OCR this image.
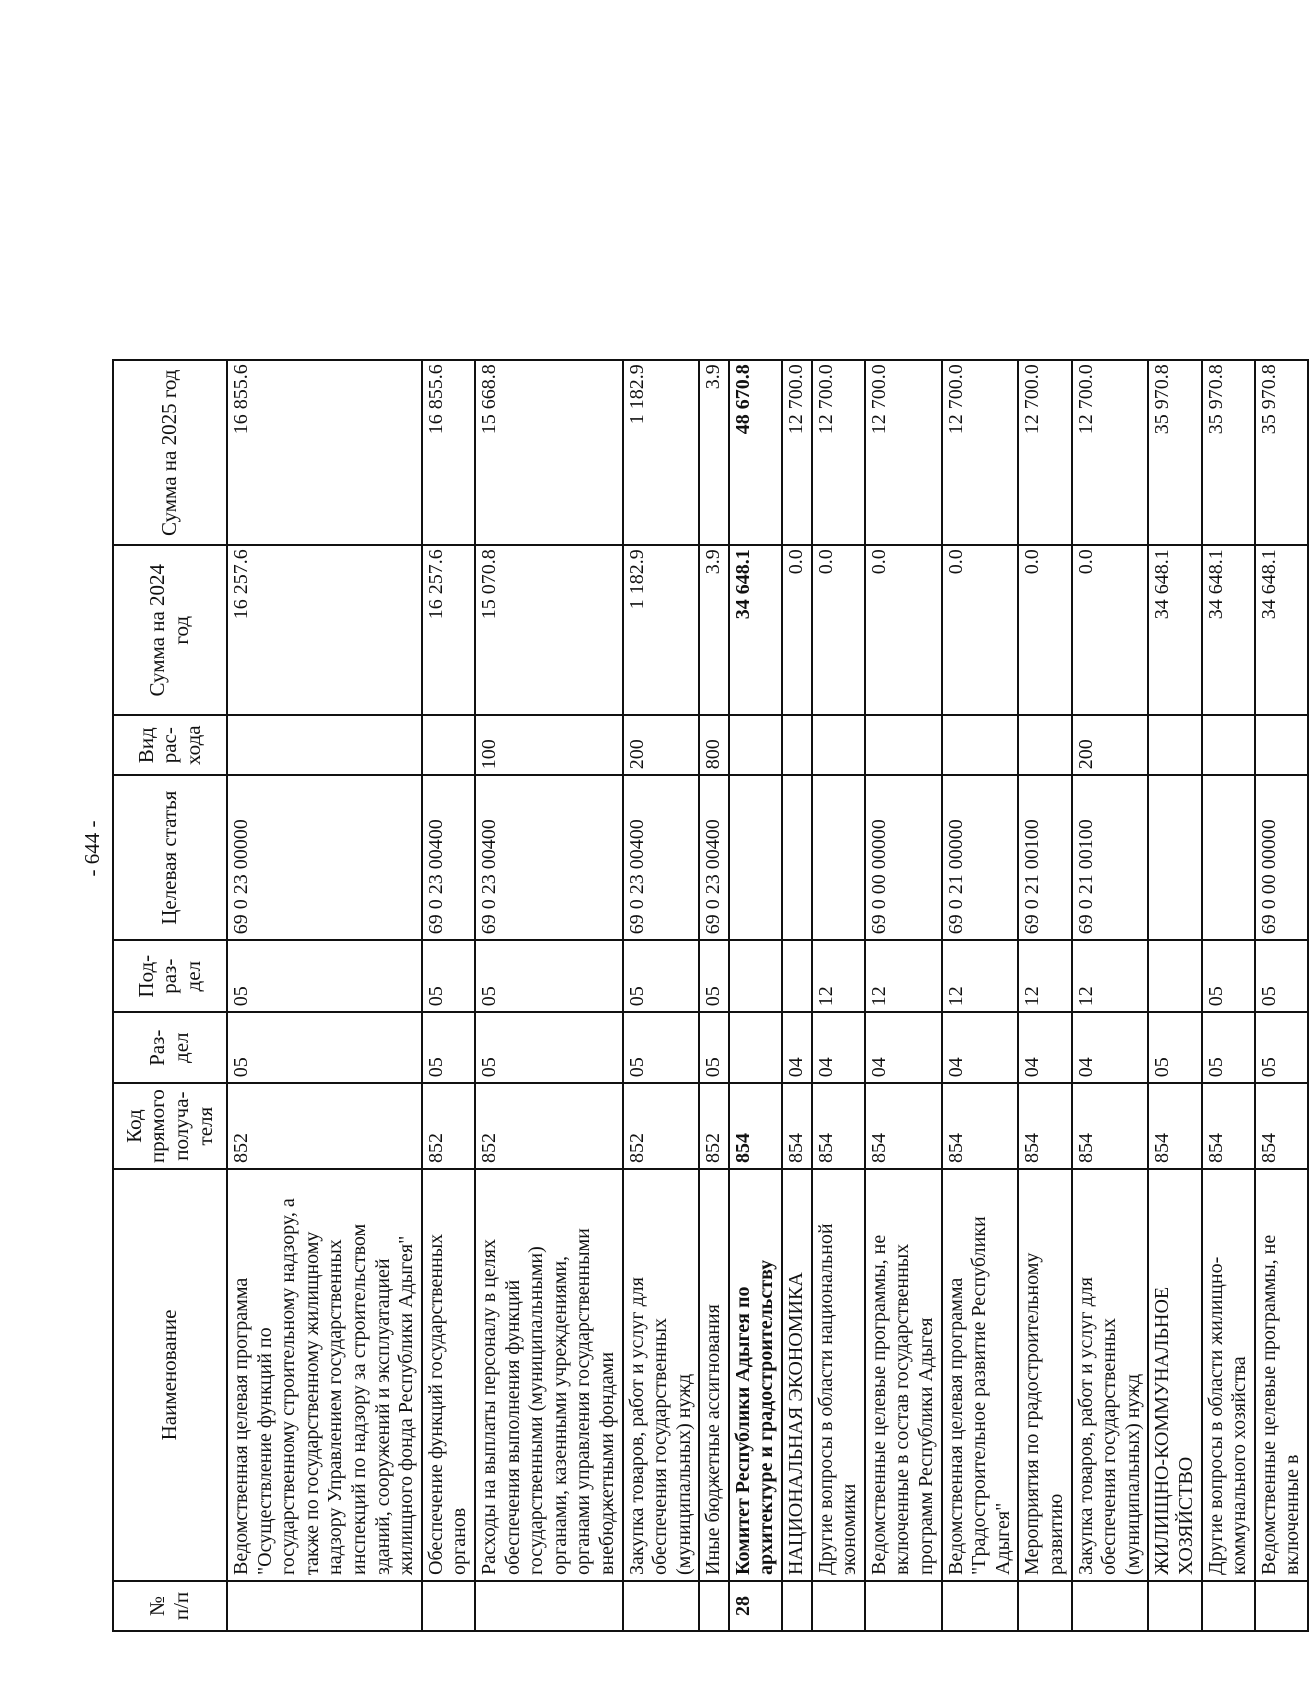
- 644 -
№ п/п	Наименование	Код прямого получа-теля	Раз-дел	Под-раз-дел	Целевая статья	Вид рас-хода	Сумма на 2024 год	Сумма на 2025 год
	Ведомственная целевая программа "Осуществление функций по государственному строительному надзору, а также по государственному жилищному надзору Управлением государственных инспекций по надзору за строительством зданий, сооружений и эксплуатацией жилищного фонда Республики Адыгея"	852	05	05	69 0 23 00000		16 257.6	16 855.6
	Обеспечение функций государственных органов	852	05	05	69 0 23 00400		16 257.6	16 855.6
	Расходы на выплаты персоналу в целях обеспечения выполнения функций государственными (муниципальными) органами, казенными учреждениями, органами управления государственными внебюджетными фондами	852	05	05	69 0 23 00400	100	15 070.8	15 668.8
	Закупка товаров, работ и услуг для обеспечения государственных (муниципальных) нужд	852	05	05	69 0 23 00400	200	1 182.9	1 182.9
	Иные бюджетные ассигнования	852	05	05	69 0 23 00400	800	3.9	3.9
28	Комитет Республики Адыгея по архитектуре и градостроительству	854					34 648.1	48 670.8
	НАЦИОНАЛЬНАЯ ЭКОНОМИКА	854	04				0.0	12 700.0
	Другие вопросы в области национальной экономики	854	04	12			0.0	12 700.0
	Ведомственные целевые программы, не включенные в состав государственных программ Республики Адыгея	854	04	12	69 0 00 00000		0.0	12 700.0
	Ведомственная целевая программа "Градостроительное развитие Республики Адыгея"	854	04	12	69 0 21 00000		0.0	12 700.0
	Мероприятия по градостроительному развитию	854	04	12	69 0 21 00100		0.0	12 700.0
	Закупка товаров, работ и услуг для обеспечения государственных (муниципальных) нужд	854	04	12	69 0 21 00100	200	0.0	12 700.0
	ЖИЛИЩНО-КОММУНАЛЬНОЕ ХОЗЯЙСТВО	854	05				34 648.1	35 970.8
	Другие вопросы в области жилищно-коммунального хозяйства	854	05	05			34 648.1	35 970.8
	Ведомственные целевые программы, не включенные в	854	05	05	69 0 00 00000		34 648.1	35 970.8
